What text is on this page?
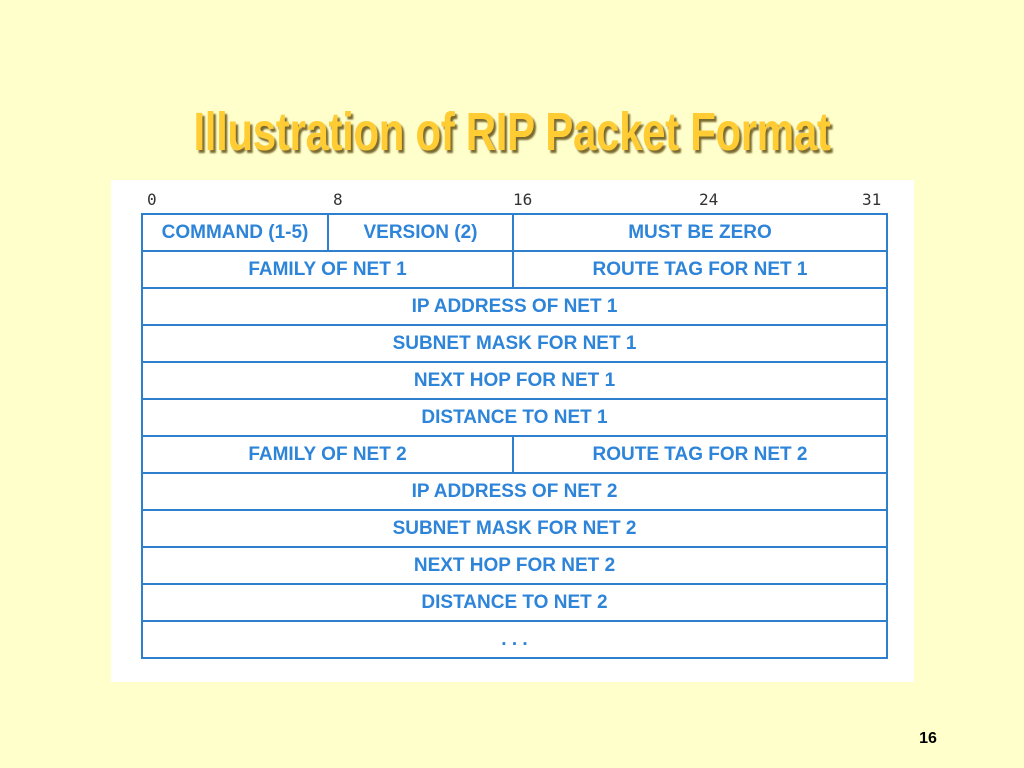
Illustration of RIP Packet Format
0	8	16	24	31
COMMAND (1-5)	VERSION (2)	MUST BE ZERO
FAMILY OF NET 1	ROUTE TAG FOR NET 1
IP ADDRESS OF NET 1
SUBNET MASK FOR NET 1
NEXT HOP FOR NET 1
DISTANCE TO NET 1
FAMILY OF NET 2	ROUTE TAG FOR NET 2
IP ADDRESS OF NET 2
SUBNET MASK FOR NET 2
NEXT HOP FOR NET 2
DISTANCE TO NET 2
. . .
16
